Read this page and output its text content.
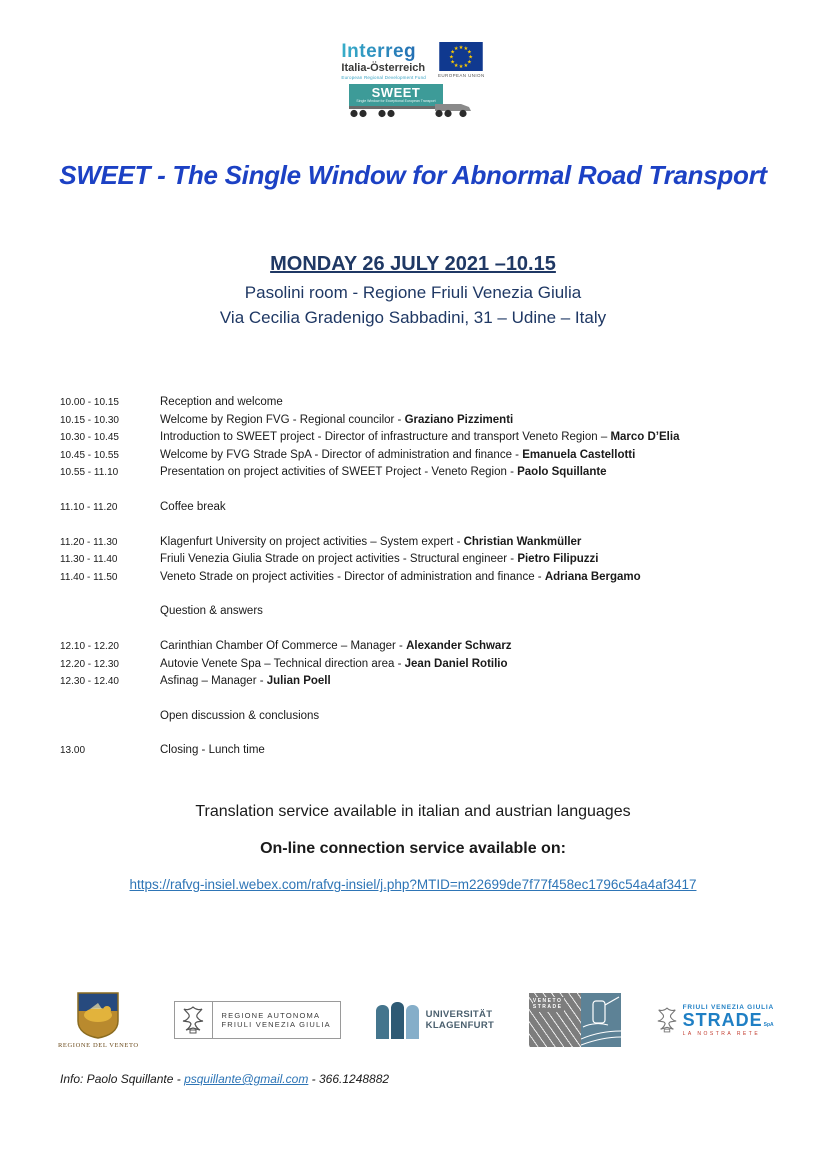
Interreg
Italia-Österreich
European Regional Development Fund
★ ★
★
★
★
★
★
★
★
★
★
★
EUROPEAN UNION
SWEET
Single Window for Exceptional European Transport
SWEET - The Single Window for Abnormal Road Transport
MONDAY 26 JULY 2021 –10.15
Pasolini room - Regione Friuli Venezia Giulia
Via Cecilia Gradenigo Sabbadini, 31 – Udine – Italy
10.00 - 10.15	Reception and welcome
10.15 - 10.30	Welcome by Region FVG - Regional councilor - Graziano Pizzimenti
10.30 - 10.45	Introduction to SWEET project - Director of infrastructure and transport Veneto Region – Marco D’Elia
10.45 - 10.55	Welcome by FVG Strade SpA - Director of administration and finance - Emanuela Castellotti
10.55 - 11.10	Presentation on project activities of SWEET Project - Veneto Region - Paolo Squillante
11.10 - 11.20	Coffee break
11.20 - 11.30	Klagenfurt University on project activities – System expert - Christian Wankmüller
11.30 - 11.40	Friuli Venezia Giulia Strade on project activities - Structural engineer - Pietro Filipuzzi
11.40 - 11.50	Veneto Strade on project activities - Director of administration and finance - Adriana Bergamo
Question & answers
12.10 - 12.20	Carinthian Chamber Of Commerce – Manager - Alexander Schwarz
12.20 - 12.30	Autovie Venete Spa – Technical direction area - Jean Daniel Rotilio
12.30 - 12.40	Asfinag – Manager - Julian Poell
Open discussion & conclusions
13.00	Closing - Lunch time
Translation service available in italian and austrian languages
On-line connection service available on:
https://rafvg-insiel.webex.com/rafvg-insiel/j.php?MTID=m22699de7f77f458ec1796c54a4af3417
REGIONE DEL VENETO
REGIONE AUTONOMA
FRIULI VENEZIA GIULIA
UNIVERSITÄT
KLAGENFURT
VENETO
STRADE	FRIULI VENEZIA GIULIA
STRADE SpA
LA NOSTRA RETE
Info: Paolo Squillante - psquillante@gmail.com - 366.1248882
